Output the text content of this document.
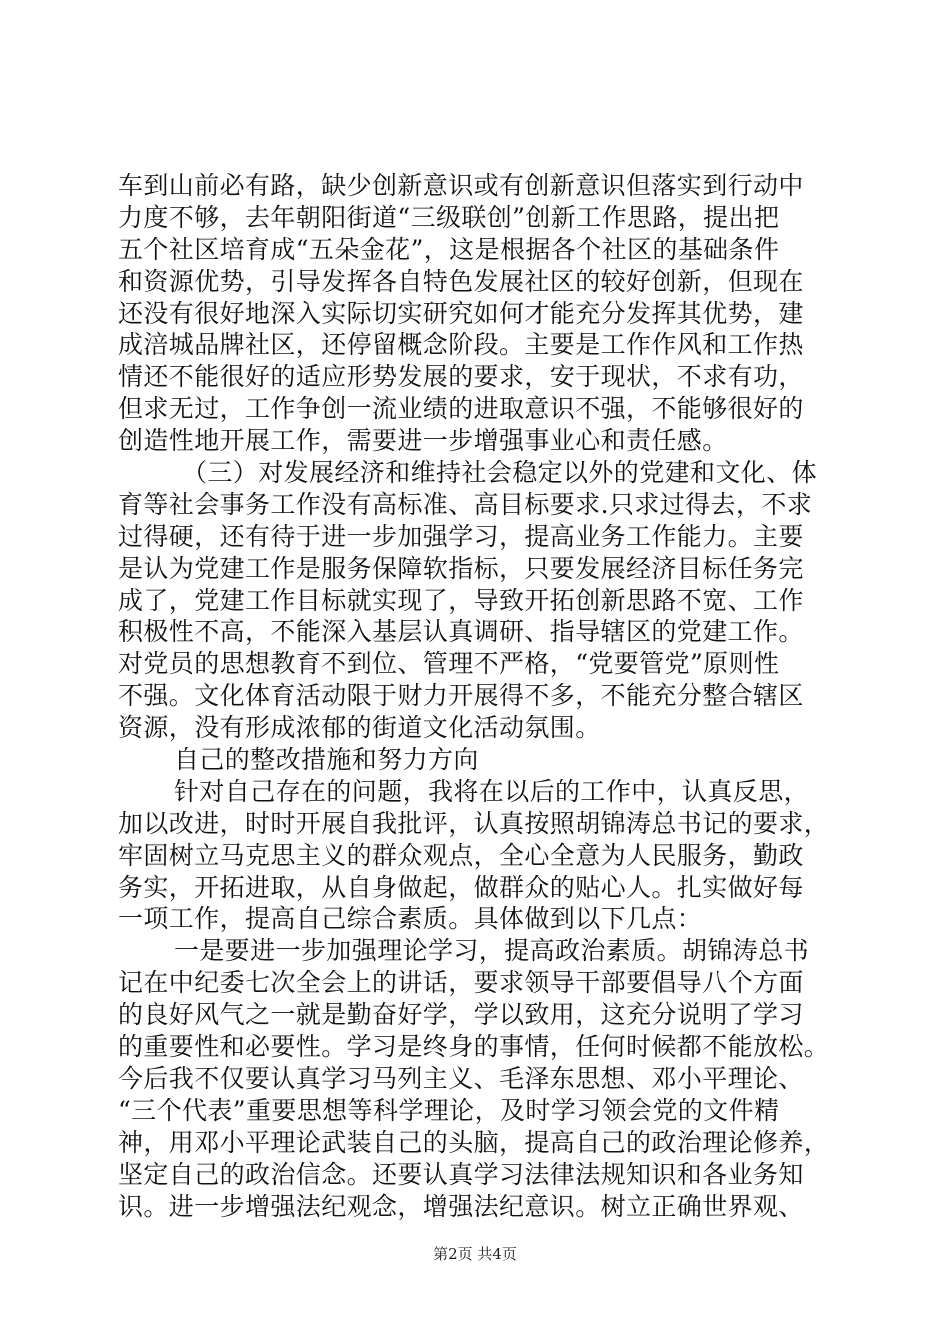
车到山前必有路，缺少创新意识或有创新意识但落实到行动中
力度不够，去年朝阳街道“三级联创”创新工作思路，提出把
五个社区培育成“五朵金花”，这是根据各个社区的基础条件
和资源优势，引导发挥各自特色发展社区的较好创新，但现在
还没有很好地深入实际切实研究如何才能充分发挥其优势，建
成涪城品牌社区，还停留概念阶段。主要是工作作风和工作热
情还不能很好的适应形势发展的要求，安于现状，不求有功，
但求无过，工作争创一流业绩的进取意识不强，不能够很好的
创造性地开展工作，需要进一步增强事业心和责任感。
（三）对发展经济和维持社会稳定以外的党建和文化、体
育等社会事务工作没有高标准、高目标要求.只求过得去，不求
过得硬，还有待于进一步加强学习，提高业务工作能力。主要
是认为党建工作是服务保障软指标，只要发展经济目标任务完
成了，党建工作目标就实现了，导致开拓创新思路不宽、工作
积极性不高，不能深入基层认真调研、指导辖区的党建工作。
对党员的思想教育不到位、管理不严格，“党要管党”原则性
不强。文化体育活动限于财力开展得不多，不能充分整合辖区
资源，没有形成浓郁的街道文化活动氛围。
自己的整改措施和努力方向
针对自己存在的问题，我将在以后的工作中，认真反思，
加以改进，时时开展自我批评，认真按照胡锦涛总书记的要求，
牢固树立马克思主义的群众观点，全心全意为人民服务，勤政
务实，开拓进取，从自身做起，做群众的贴心人。扎实做好每
一项工作，提高自己综合素质。具体做到以下几点：
一是要进一步加强理论学习，提高政治素质。胡锦涛总书
记在中纪委七次全会上的讲话，要求领导干部要倡导八个方面
的良好风气之一就是勤奋好学，学以致用，这充分说明了学习
的重要性和必要性。学习是终身的事情，任何时候都不能放松。
今后我不仅要认真学习马列主义、毛泽东思想、邓小平理论、
“三个代表”重要思想等科学理论，及时学习领会党的文件精
神，用邓小平理论武装自己的头脑，提高自己的政治理论修养，
坚定自己的政治信念。还要认真学习法律法规知识和各业务知
识。进一步增强法纪观念，增强法纪意识。树立正确世界观、
第2页 共4页
